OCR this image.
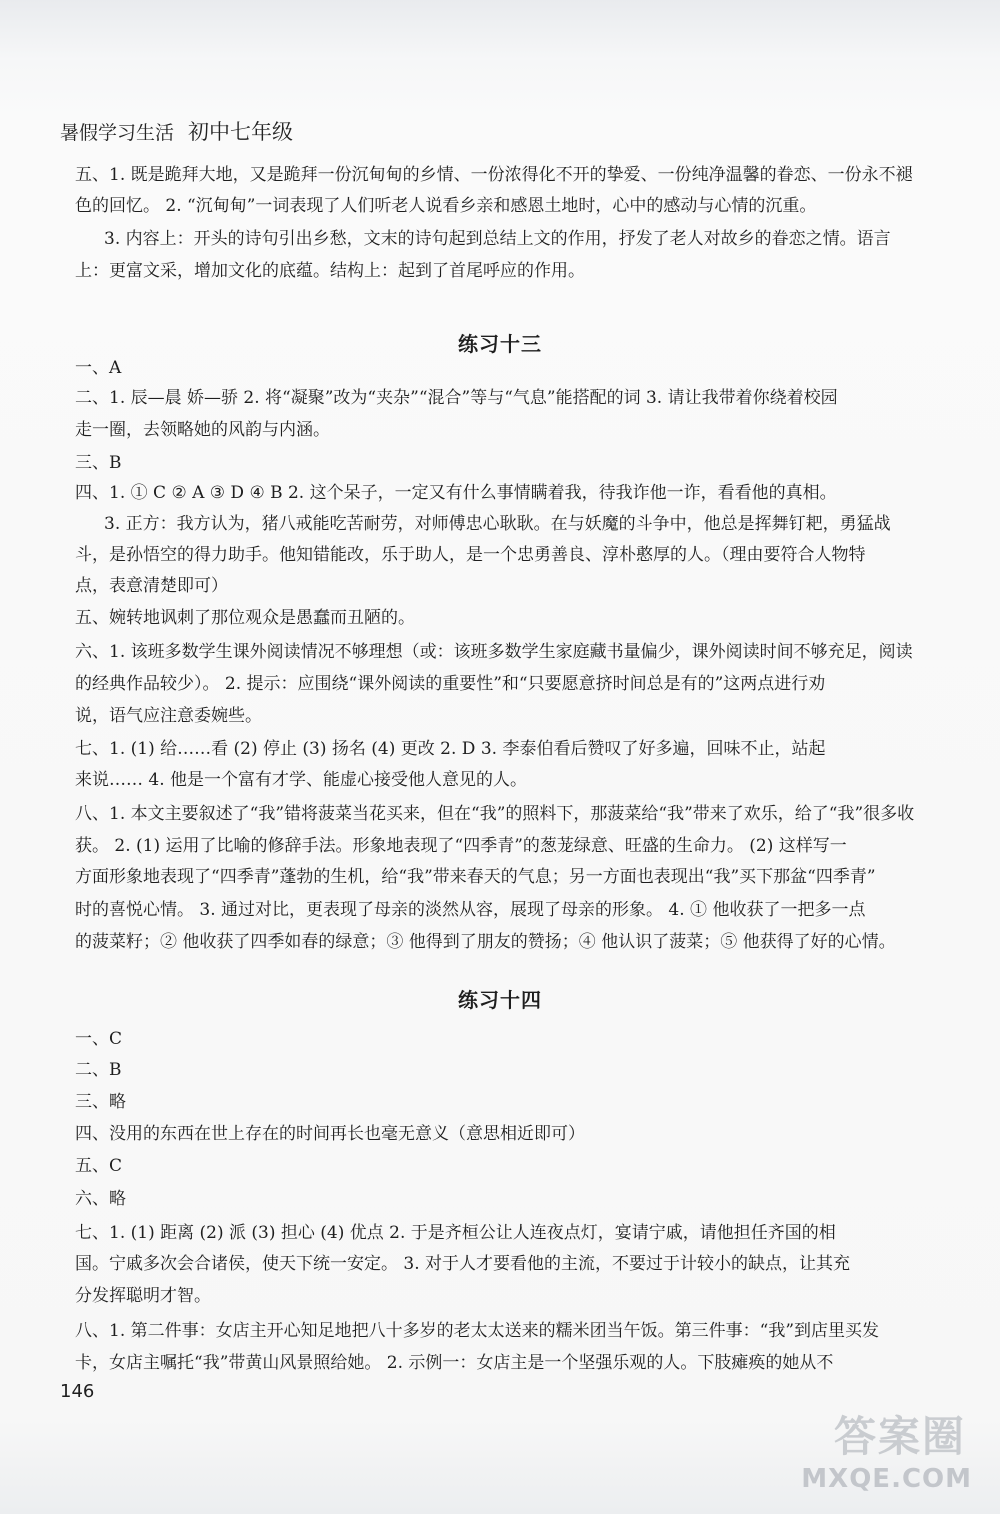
暑假学习生活 初中七年级
五、1. 既是跪拜大地，又是跪拜一份沉甸甸的乡情、一份浓得化不开的挚爱、一份纯净温馨的眷恋、一份永不褪
色的回忆。 2. “沉甸甸”一词表现了人们听老人说看乡亲和感恩土地时，心中的感动与心情的沉重。
3. 内容上：开头的诗句引出乡愁，文末的诗句起到总结上文的作用，抒发了老人对故乡的眷恋之情。语言
上：更富文采，增加文化的底蕴。结构上：起到了首尾呼应的作用。
练习十三
一、A
二、1. 辰—晨 娇—骄 2. 将“凝聚”改为“夹杂”“混合”等与“气息”能搭配的词 3. 请让我带着你绕着校园
走一圈，去领略她的风韵与内涵。
三、B
四、1. ① C ② A ③ D ④ B 2. 这个呆子，一定又有什么事情瞒着我，待我诈他一诈，看看他的真相。
3. 正方：我方认为，猪八戒能吃苦耐劳，对师傅忠心耿耿。在与妖魔的斗争中，他总是挥舞钉耙，勇猛战
斗，是孙悟空的得力助手。他知错能改，乐于助人，是一个忠勇善良、淳朴憨厚的人。（理由要符合人物特
点，表意清楚即可）
五、婉转地讽刺了那位观众是愚蠢而丑陋的。
六、1. 该班多数学生课外阅读情况不够理想（或：该班多数学生家庭藏书量偏少，课外阅读时间不够充足，阅读
的经典作品较少）。 2. 提示：应围绕“课外阅读的重要性”和“只要愿意挤时间总是有的”这两点进行劝
说，语气应注意委婉些。
七、1. (1) 给……看 (2) 停止 (3) 扬名 (4) 更改 2. D 3. 李泰伯看后赞叹了好多遍，回味不止，站起
来说…… 4. 他是一个富有才学、能虚心接受他人意见的人。
八、1. 本文主要叙述了“我”错将菠菜当花买来，但在“我”的照料下，那菠菜给“我”带来了欢乐，给了“我”很多收
获。 2. (1) 运用了比喻的修辞手法。形象地表现了“四季青”的葱茏绿意、旺盛的生命力。 (2) 这样写一
方面形象地表现了“四季青”蓬勃的生机，给“我”带来春天的气息；另一方面也表现出“我”买下那盆“四季青”
时的喜悦心情。 3. 通过对比，更表现了母亲的淡然从容，展现了母亲的形象。 4. ① 他收获了一把多一点
的菠菜籽；② 他收获了四季如春的绿意；③ 他得到了朋友的赞扬；④ 他认识了菠菜；⑤ 他获得了好的心情。
练习十四
一、C
二、B
三、略
四、没用的东西在世上存在的时间再长也毫无意义（意思相近即可）
五、C
六、略
七、1. (1) 距离 (2) 派 (3) 担心 (4) 优点 2. 于是齐桓公让人连夜点灯，宴请宁戚，请他担任齐国的相
国。宁戚多次会合诸侯，使天下统一安定。 3. 对于人才要看他的主流，不要过于计较小的缺点，让其充
分发挥聪明才智。
八、1. 第二件事：女店主开心知足地把八十多岁的老太太送来的糯米团当午饭。第三件事：“我”到店里买发
卡，女店主嘱托“我”带黄山风景照给她。 2. 示例一：女店主是一个坚强乐观的人。下肢瘫痪的她从不
146
答案圈
MXQE.COM
